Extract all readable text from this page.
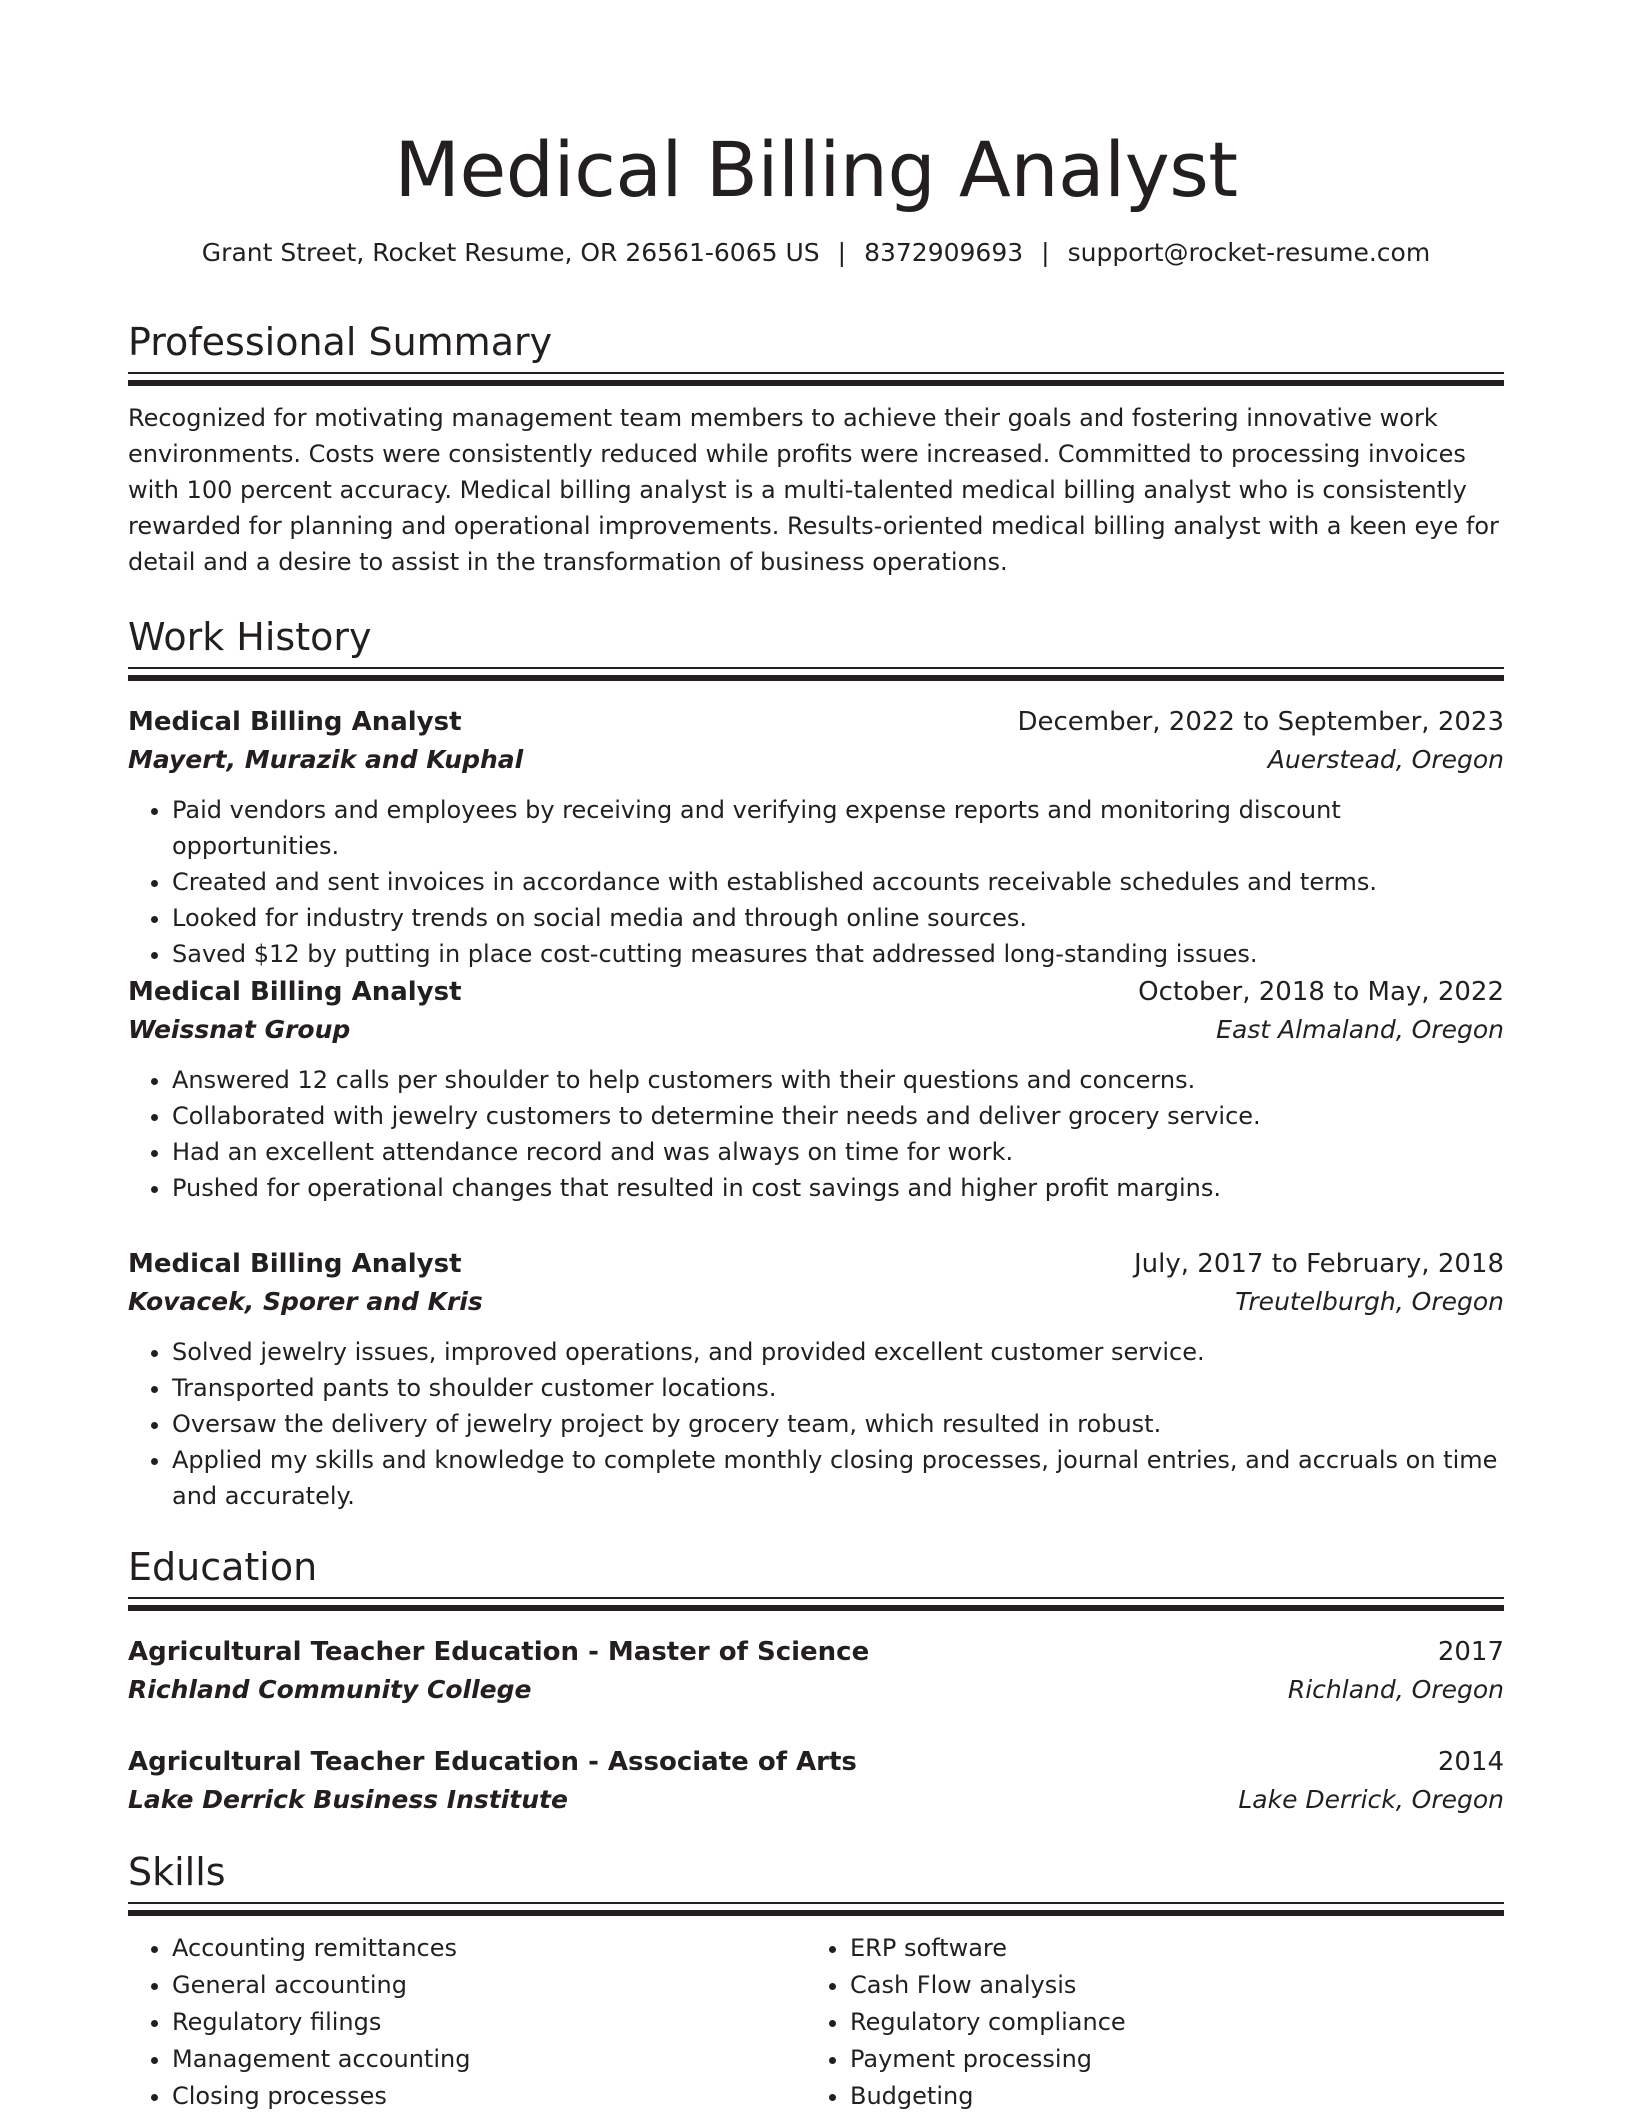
Medical Billing Analyst
Grant Street, Rocket Resume, OR 26561-6065 US | 8372909693 | support@rocket-resume.com
Professional Summary

Recognized for motivating management team members to achieve their goals and fostering innovative work environments. Costs were consistently reduced while profits were increased. Committed to processing invoices with 100 percent accuracy. Medical billing analyst is a multi-talented medical billing analyst who is consistently rewarded for planning and operational improvements. Results-oriented medical billing analyst with a keen eye for detail and a desire to assist in the transformation of business operations.

Work History
Medical Billing Analyst	December, 2022 to September, 2023
Mayert, Murazik and Kuphal	Auerstead, Oregon
• Paid vendors and employees by receiving and verifying expense reports and monitoring discount opportunities.
• Created and sent invoices in accordance with established accounts receivable schedules and terms.
• Looked for industry trends on social media and through online sources.
• Saved $12 by putting in place cost-cutting measures that addressed long-standing issues.
Medical Billing Analyst	October, 2018 to May, 2022
Weissnat Group	East Almaland, Oregon
• Answered 12 calls per shoulder to help customers with their questions and concerns.
• Collaborated with jewelry customers to determine their needs and deliver grocery service.
• Had an excellent attendance record and was always on time for work.
• Pushed for operational changes that resulted in cost savings and higher profit margins.
Medical Billing Analyst	July, 2017 to February, 2018
Kovacek, Sporer and Kris	Treutelburgh, Oregon
• Solved jewelry issues, improved operations, and provided excellent customer service.
• Transported pants to shoulder customer locations.
• Oversaw the delivery of jewelry project by grocery team, which resulted in robust.
• Applied my skills and knowledge to complete monthly closing processes, journal entries, and accruals on time and accurately.
Education
Agricultural Teacher Education - Master of Science	2017
Richland Community College	Richland, Oregon
Agricultural Teacher Education - Associate of Arts	2014
Lake Derrick Business Institute	Lake Derrick, Oregon
Skills
• Accounting remittances
• General accounting
• Regulatory filings
• Management accounting
• Closing processes
• ERP software
• Cash Flow analysis
• Regulatory compliance
• Payment processing
• Budgeting
